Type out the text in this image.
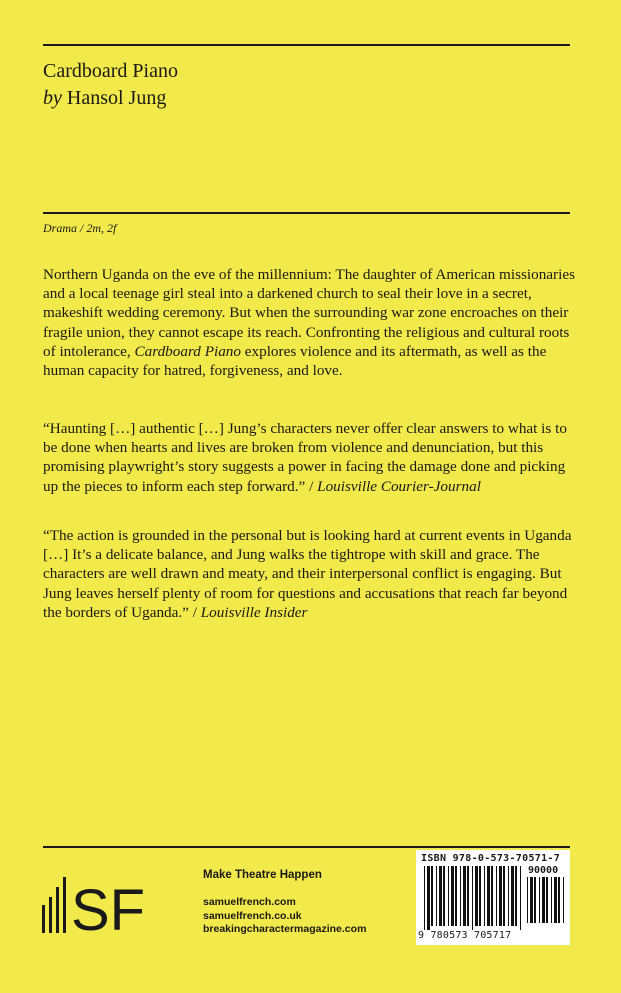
Cardboard Piano
by Hansol Jung
Drama / 2m, 2f

Northern Uganda on the eve of the millennium: The daughter of American missionaries and a local teenage girl steal into a darkened church to seal their love in a secret, makeshift wedding ceremony. But when the surrounding war zone encroaches on their fragile union, they cannot escape its reach. Confronting the religious and cultural roots of intolerance, Cardboard Piano explores violence and its aftermath, as well as the human capacity for hatred, forgiveness, and love.

“Haunting […] authentic […] Jung’s characters never offer clear answers to what is to be done when hearts and lives are broken from violence and denunciation, but this promising playwright’s story suggests a power in facing the damage done and picking up the pieces to inform each step forward.” / Louisville Courier-Journal

“The action is grounded in the personal but is looking hard at current events in Uganda […] It’s a delicate balance, and Jung walks the tightrope with skill and grace. The characters are well drawn and meaty, and their interpersonal conflict is engaging. But Jung leaves herself plenty of room for questions and accusations that reach far beyond the borders of Uganda.” / Louisville Insider

SF
Make Theatre Happen
samuelfrench.com
samuelfrench.co.uk
breakingcharactermagazine.com
ISBN 978-0-573-70571-7
90000
9 780573 705717
